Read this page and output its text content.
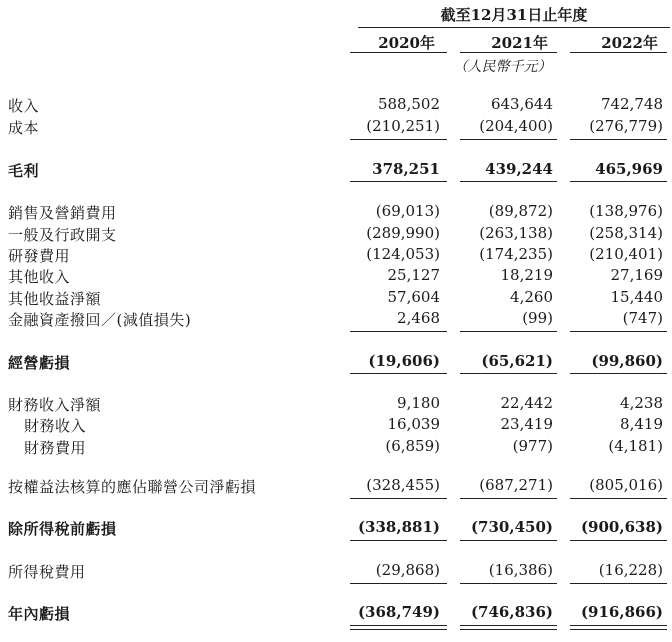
截至12月31日止年度
2020年	2021年	2022年
（人民幣千元）
收入	588,502	643,644	742,748
成本	(210,251)	(204,400)	(276,779)
毛利	378,251	439,244	465,969
銷售及營銷費用	(69,013)	(89,872)	(138,976)
一般及行政開支	(289,990)	(263,138)	(258,314)
研發費用	(124,053)	(174,235)	(210,401)
其他收入	25,127	18,219	27,169
其他收益淨額	57,604	4,260	15,440
金融資產撥回／(減值損失)	2,468	(99)	(747)
經營虧損	(19,606)	(65,621)	(99,860)
財務收入淨額	9,180	22,442	4,238
財務收入	16,039	23,419	8,419
財務費用	(6,859)	(977)	(4,181)
按權益法核算的應佔聯營公司淨虧損	(328,455)	(687,271)	(805,016)
除所得稅前虧損	(338,881)	(730,450)	(900,638)
所得稅費用	(29,868)	(16,386)	(16,228)
年內虧損	(368,749)	(746,836)	(916,866)
